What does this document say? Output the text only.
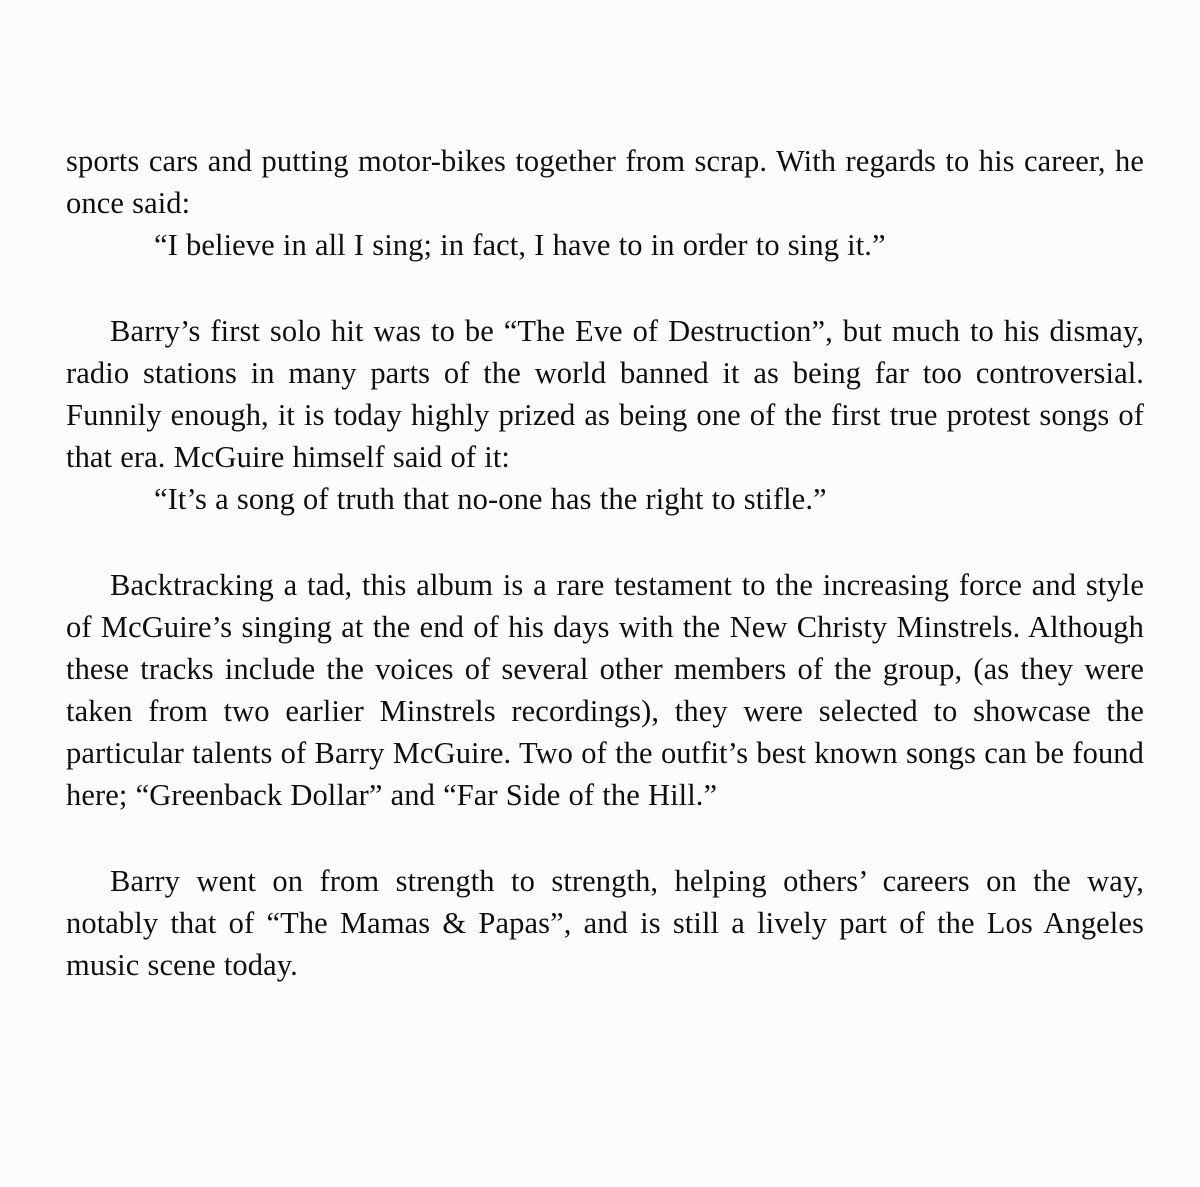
sports cars and putting motor-bikes together from scrap. With regards to his career, he once said:

“I believe in all I sing; in fact, I have to in order to sing it.”

Barry’s first solo hit was to be “The Eve of Destruction”, but much to his dismay, radio stations in many parts of the world banned it as being far too controversial. Funnily enough, it is today highly prized as being one of the first true protest songs of that era. McGuire himself said of it:

“It’s a song of truth that no-one has the right to stifle.”

Backtracking a tad, this album is a rare testament to the increasing force and style of McGuire’s singing at the end of his days with the New Christy Minstrels. Although these tracks include the voices of several other members of the group, (as they were taken from two earlier Minstrels recordings), they were selected to showcase the particular talents of Barry McGuire. Two of the outfit’s best known songs can be found here; “Greenback Dollar” and “Far Side of the Hill.”

Barry went on from strength to strength, helping others’ careers on the way, notably that of “The Mamas & Papas”, and is still a lively part of the Los Angeles music scene today.
